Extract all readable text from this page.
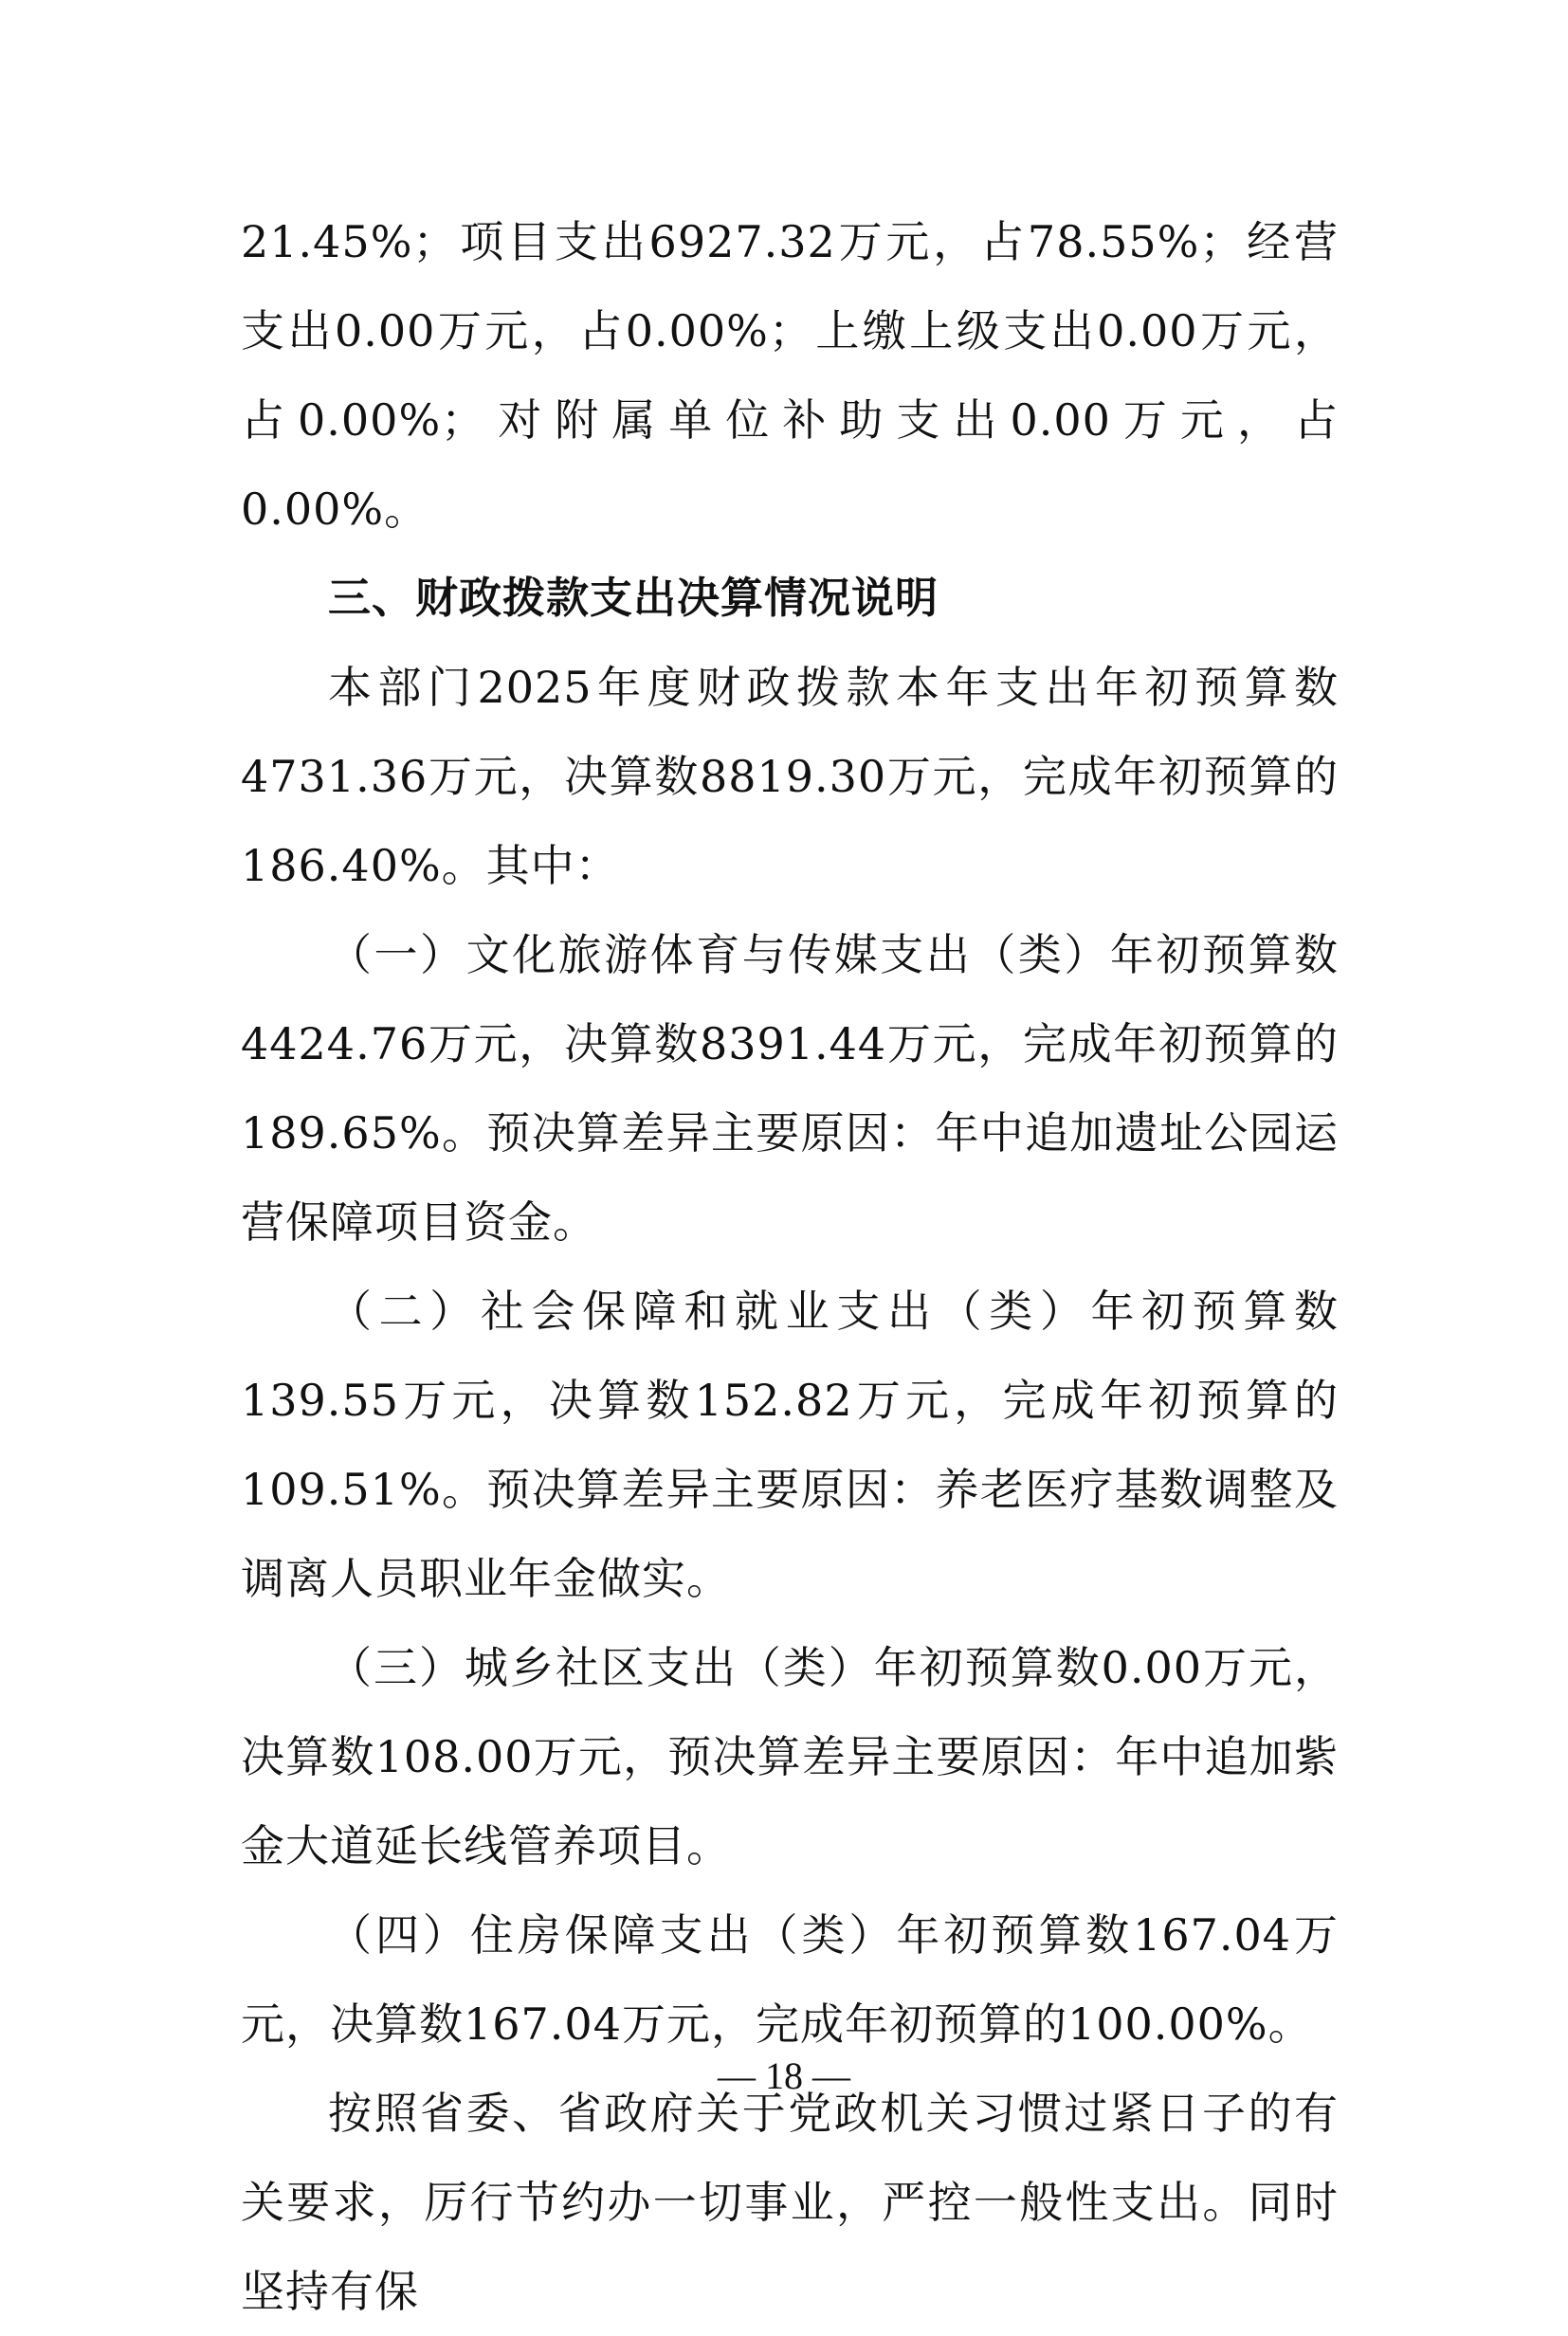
21.45%；项目支出6927.32万元，占78.55%；经营支出0.00万元，占0.00%；上缴上级支出0.00万元，占0.00%；对附属单位补助支出0.00万元，占0.00%。

三、财政拨款支出决算情况说明

本部门2025年度财政拨款本年支出年初预算数4731.36万元，决算数8819.30万元，完成年初预算的186.40%。其中：

（一）文化旅游体育与传媒支出（类）年初预算数4424.76万元，决算数8391.44万元，完成年初预算的189.65%。预决算差异主要原因：年中追加遗址公园运营保障项目资金。

（二）社会保障和就业支出（类）年初预算数139.55万元，决算数152.82万元，完成年初预算的109.51%。预决算差异主要原因：养老医疗基数调整及调离人员职业年金做实。

（三）城乡社区支出（类）年初预算数0.00万元，决算数108.00万元，预决算差异主要原因：年中追加紫金大道延长线管养项目。

（四）住房保障支出（类）年初预算数167.04万元，决算数167.04万元，完成年初预算的100.00%。

按照省委、省政府关于党政机关习惯过紧日子的有关要求，厉行节约办一切事业，严控一般性支出。同时坚持有保

— 18 —
